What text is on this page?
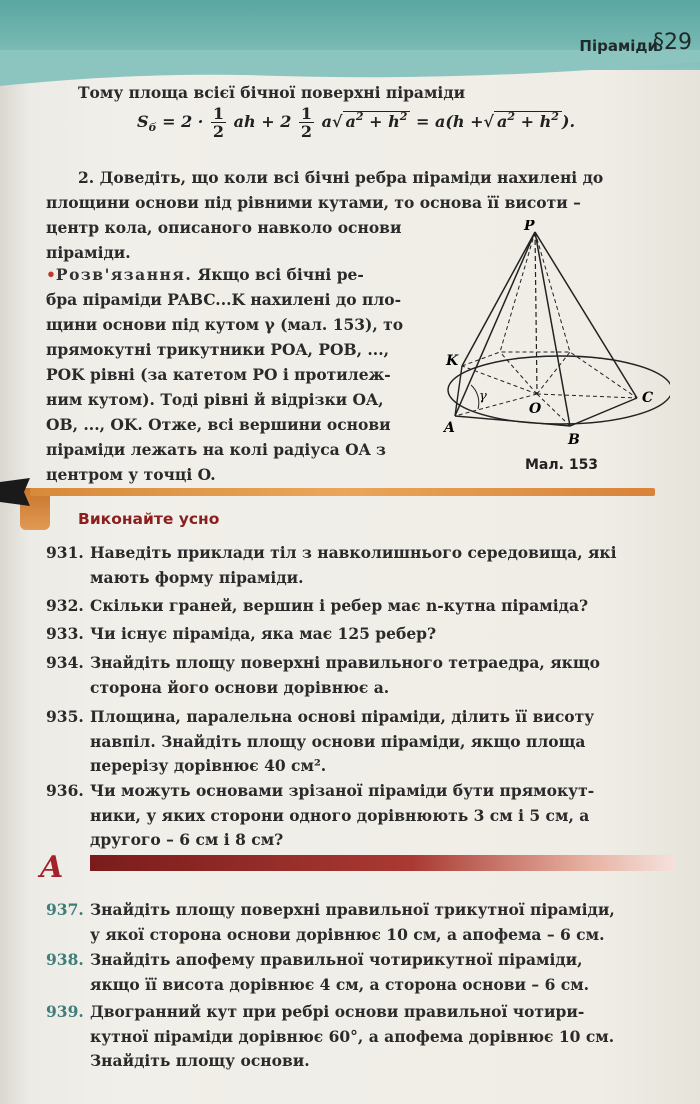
Піраміди
§29
Тому площа всієї бічної поверхні піраміди
$S_б = 2 \cdot \frac{1}{2}$ ah + $2 \frac{1}{2} a√$ $a^2 + h^2 = a(h$ +√ $a^2 + h^2$ ).
2. Доведіть, що коли всі бічні ребра піраміди нахилені до
площини основи під рівними кутами, то основа її висоти –
центр кола, описаного навколо основи
піраміди.
•Розв'язання. Якщо всі бічні ре-
бра піраміди PABC...K нахилені до пло-
щини основи під кутом γ (мал. 153), то
прямокутні трикутники POA, POB, ...,
POK рівні (за катетом PO і протилеж-
ним кутом). Тоді рівні й відрізки OA,
OB, ..., OK. Отже, всі вершини основи
піраміди лежать на колі радіуса OA з
центром у точці O.
P
K
A
B
C
O
γ
Мал. 153
Виконайте усно
931. Наведіть приклади тіл з навколишнього середовища, які
мають форму піраміди.
932. Скільки граней, вершин і ребер має n-кутна піраміда?
933. Чи існує піраміда, яка має 125 ребер?
934. Знайдіть площу поверхні правильного тетраедра, якщо
сторона його основи дорівнює a.
935. Площина, паралельна основі піраміди, ділить її висоту
навпіл. Знайдіть площу основи піраміди, якщо площа
перерізу дорівнює 40 см².
936. Чи можуть основами зрізаної піраміди бути прямокут-
ники, у яких сторони одного дорівнюють 3 см і 5 см, а
другого – 6 см і 8 см?
A
937. Знайдіть площу поверхні правильної трикутної піраміди,
у якої сторона основи дорівнює 10 см, а апофема – 6 см.
938. Знайдіть апофему правильної чотирикутної піраміди,
якщо її висота дорівнює 4 см, а сторона основи – 6 см.
939. Двогранний кут при ребрі основи правильної чотири-
кутної піраміди дорівнює 60°, а апофема дорівнює 10 см.
Знайдіть площу основи.
